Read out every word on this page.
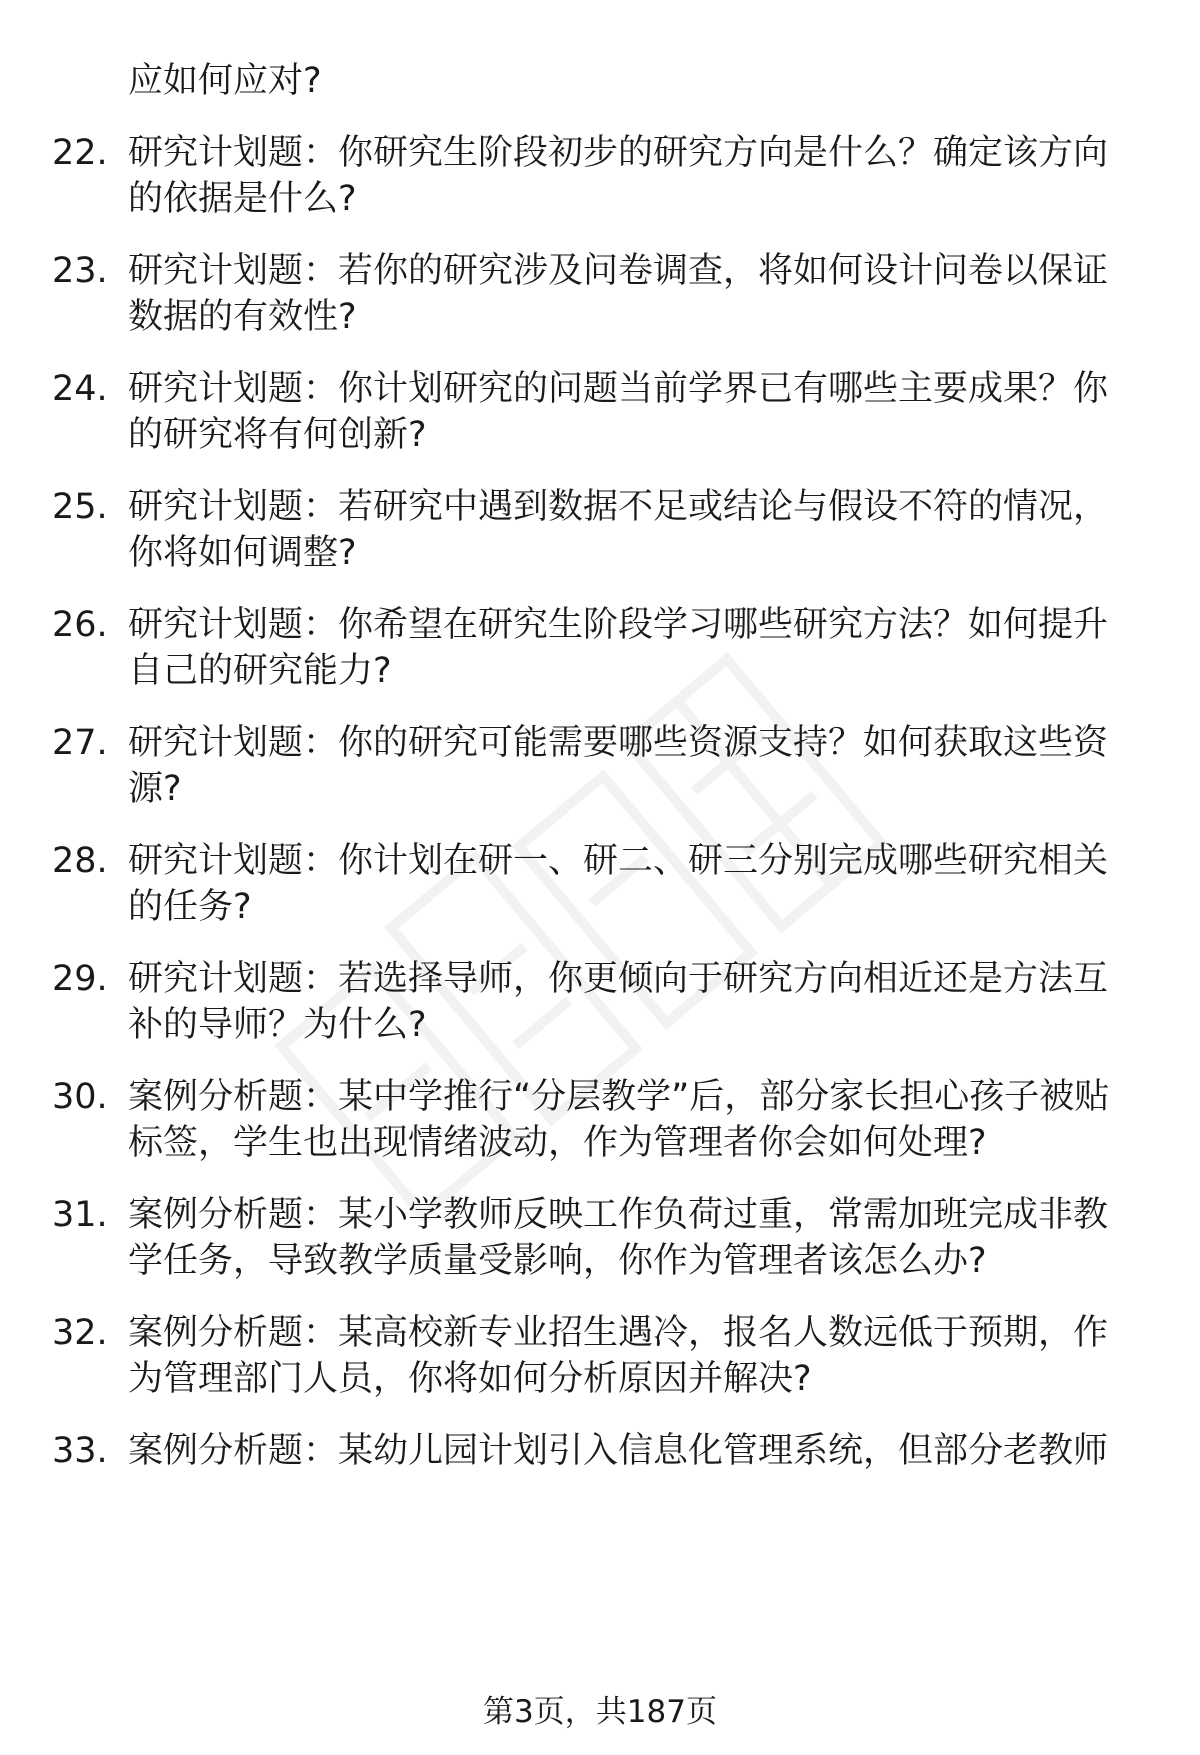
应如何应对?
22. 研究计划题：你研究生阶段初步的研究方向是什么？确定该方向的依据是什么?
23. 研究计划题：若你的研究涉及问卷调查，将如何设计问卷以保证数据的有效性?
24. 研究计划题：你计划研究的问题当前学界已有哪些主要成果？你的研究将有何创新?
25. 研究计划题：若研究中遇到数据不足或结论与假设不符的情况，你将如何调整?
26. 研究计划题：你希望在研究生阶段学习哪些研究方法？如何提升自己的研究能力?
27. 研究计划题：你的研究可能需要哪些资源支持？如何获取这些资源?
28. 研究计划题：你计划在研一、研二、研三分别完成哪些研究相关的任务?
29. 研究计划题：若选择导师，你更倾向于研究方向相近还是方法互补的导师？为什么?
30. 案例分析题：某中学推行“分层教学”后，部分家长担心孩子被贴标签，学生也出现情绪波动，作为管理者你会如何处理?
31. 案例分析题：某小学教师反映工作负荷过重，常需加班完成非教学任务，导致教学质量受影响，你作为管理者该怎么办?
32. 案例分析题：某高校新专业招生遇冷，报名人数远低于预期，作为管理部门人员，你将如何分析原因并解决?
33. 案例分析题：某幼儿园计划引入信息化管理系统，但部分老教师
第3页，共187页
